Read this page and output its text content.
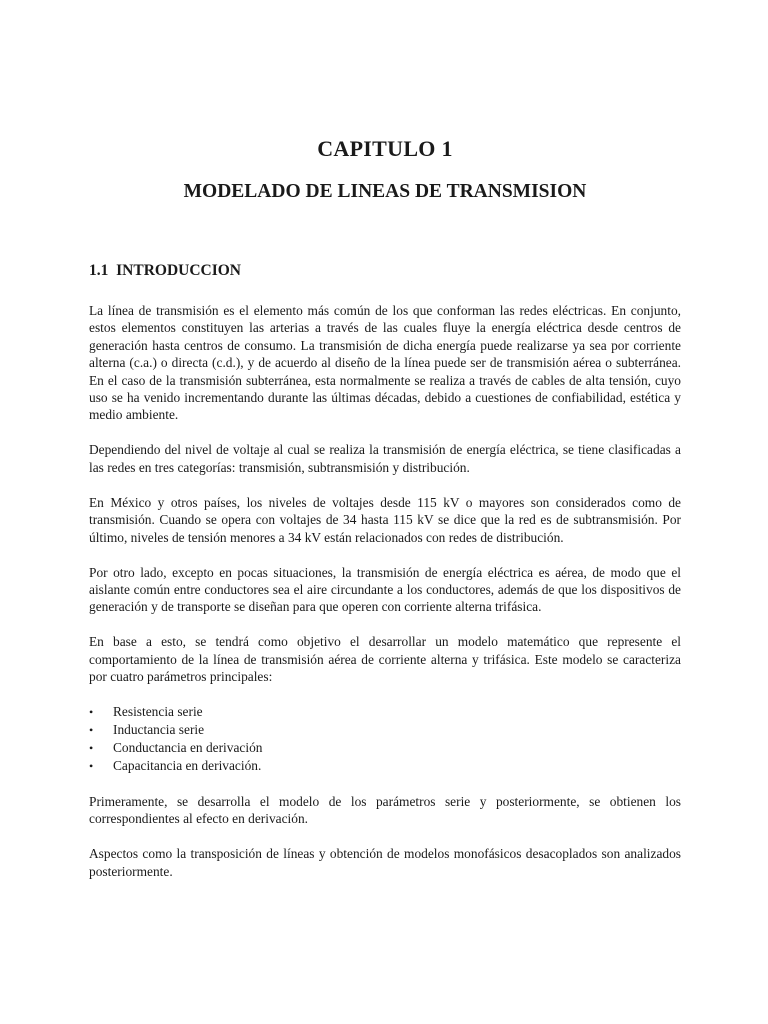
CAPITULO 1
MODELADO DE LINEAS DE TRANSMISION
1.1 INTRODUCCION

La línea de transmisión es el elemento más común de los que conforman las redes eléctricas. En conjunto, estos elementos constituyen las arterias a través de las cuales fluye la energía eléctrica desde centros de generación hasta centros de consumo. La transmisión de dicha energía puede realizarse ya sea por corriente alterna (c.a.) o directa (c.d.), y de acuerdo al diseño de la línea puede ser de transmisión aérea o subterránea. En el caso de la transmisión subterránea, esta normalmente se realiza a través de cables de alta tensión, cuyo uso se ha venido incrementando durante las últimas décadas, debido a cuestiones de confiabilidad, estética y medio ambiente.

Dependiendo del nivel de voltaje al cual se realiza la transmisión de energía eléctrica, se tiene clasificadas a las redes en tres categorías: transmisión, subtransmisión y distribución.

En México y otros países, los niveles de voltajes desde 115 kV o mayores son considerados como de transmisión. Cuando se opera con voltajes de 34 hasta 115 kV se dice que la red es de subtransmisión. Por último, niveles de tensión menores a 34 kV están relacionados con redes de distribución.

Por otro lado, excepto en pocas situaciones, la transmisión de energía eléctrica es aérea, de modo que el aislante común entre conductores sea el aire circundante a los conductores, además de que los dispositivos de generación y de transporte se diseñan para que operen con corriente alterna trifásica.

En base a esto, se tendrá como objetivo el desarrollar un modelo matemático que represente el comportamiento de la línea de transmisión aérea de corriente alterna y trifásica. Este modelo se caracteriza por cuatro parámetros principales:

• Resistencia serie
• Inductancia serie
• Conductancia en derivación
• Capacitancia en derivación.

Primeramente, se desarrolla el modelo de los parámetros serie y posteriormente, se obtienen los correspondientes al efecto en derivación.

Aspectos como la transposición de líneas y obtención de modelos monofásicos desacoplados son analizados posteriormente.
